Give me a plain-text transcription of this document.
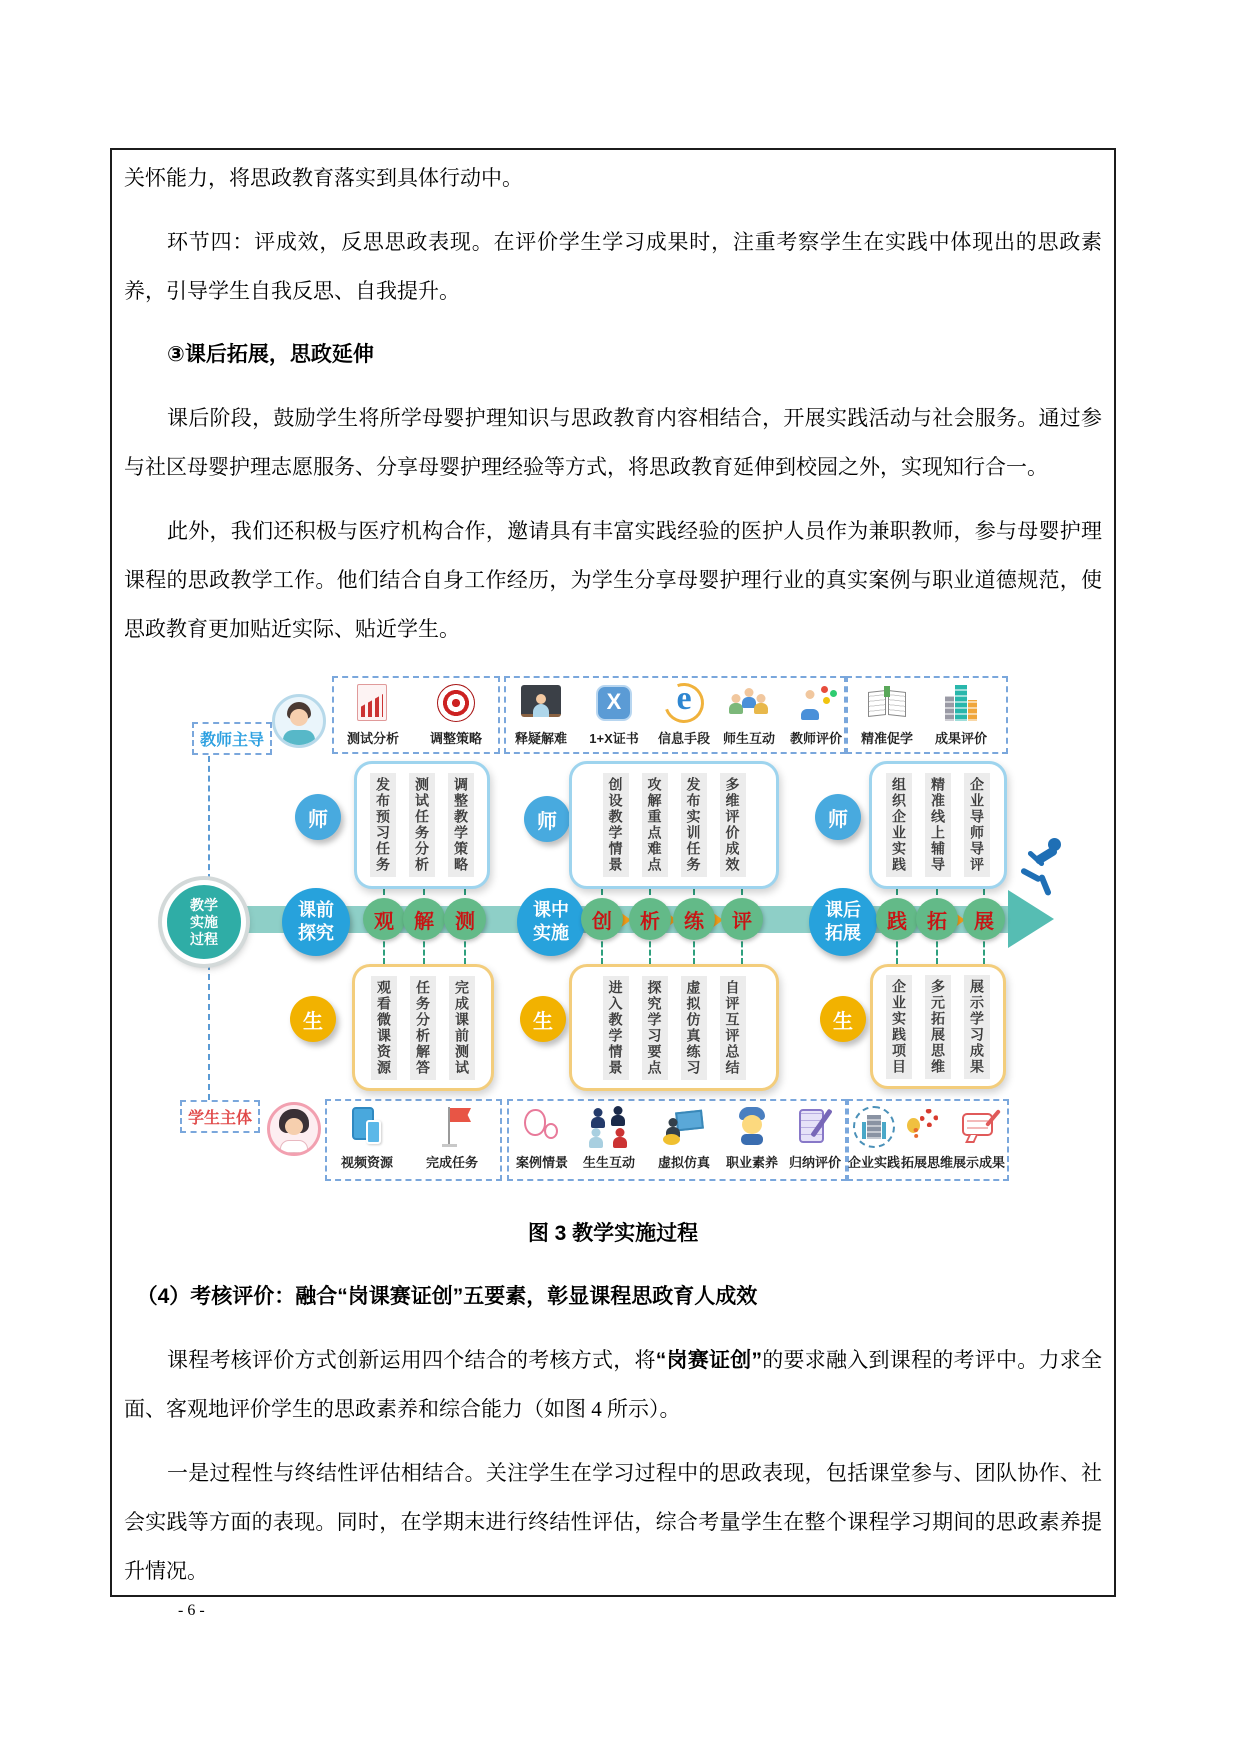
关怀能力，将思政教育落实到具体行动中。

环节四：评成效，反思思政表现。在评价学生学习成果时，注重考察学生在实践中体现出的思政素养，引导学生自我反思、自我提升。

③课后拓展，思政延伸

课后阶段，鼓励学生将所学母婴护理知识与思政教育内容相结合，开展实践活动与社会服务。通过参与社区母婴护理志愿服务、分享母婴护理经验等方式，将思政教育延伸到校园之外，实现知行合一。

此外，我们还积极与医疗机构合作，邀请具有丰富实践经验的医护人员作为兼职教师，参与母婴护理课程的思政教学工作。他们结合自身工作经历，为学生分享母婴护理行业的真实案例与职业道德规范，使思政教育更加贴近实际、贴近学生。

教师主导	测试分析 调整策略	释疑解难
X 1+X证书
e 信息手段 师生互动 教师评价 精准促学 成果评价
师	发布预习任务	测试任务分析	调整教学策略	师	创设教学情景	攻解重点难点	发布实训任务	多维评价成效	师	组织企业实践	精准线上辅导	企业导师导评
教学
实施
过程
课前
探究
课中
实施
课后
拓展
观	解	测	创	析	练	评	践	拓	展
生	观看微课资源	任务分析解答	完成课前测试	生	进入教学情景	探究学习要点	虚拟仿真练习	自评互评总结	生	企业实践项目	多元拓展思维	展示学习成果
学生主体
视频资源	完成任务	案例情景 生生互动 虚拟仿真 职业素养 归纳评价 企业实践 拓展思维 展示成果
图 3 教学实施过程

（4）考核评价：融合“岗课赛证创”五要素，彰显课程思政育人成效

课程考核评价方式创新运用四个结合的考核方式，将“岗赛证创”的要求融入到课程的考评中。力求全面、客观地评价学生的思政素养和综合能力（如图 4 所示）。

一是过程性与终结性评估相结合。关注学生在学习过程中的思政表现，包括课堂参与、团队协作、社会实践等方面的表现。同时，在学期末进行终结性评估，综合考量学生在整个课程学习期间的思政素养提升情况。

- 6 -
